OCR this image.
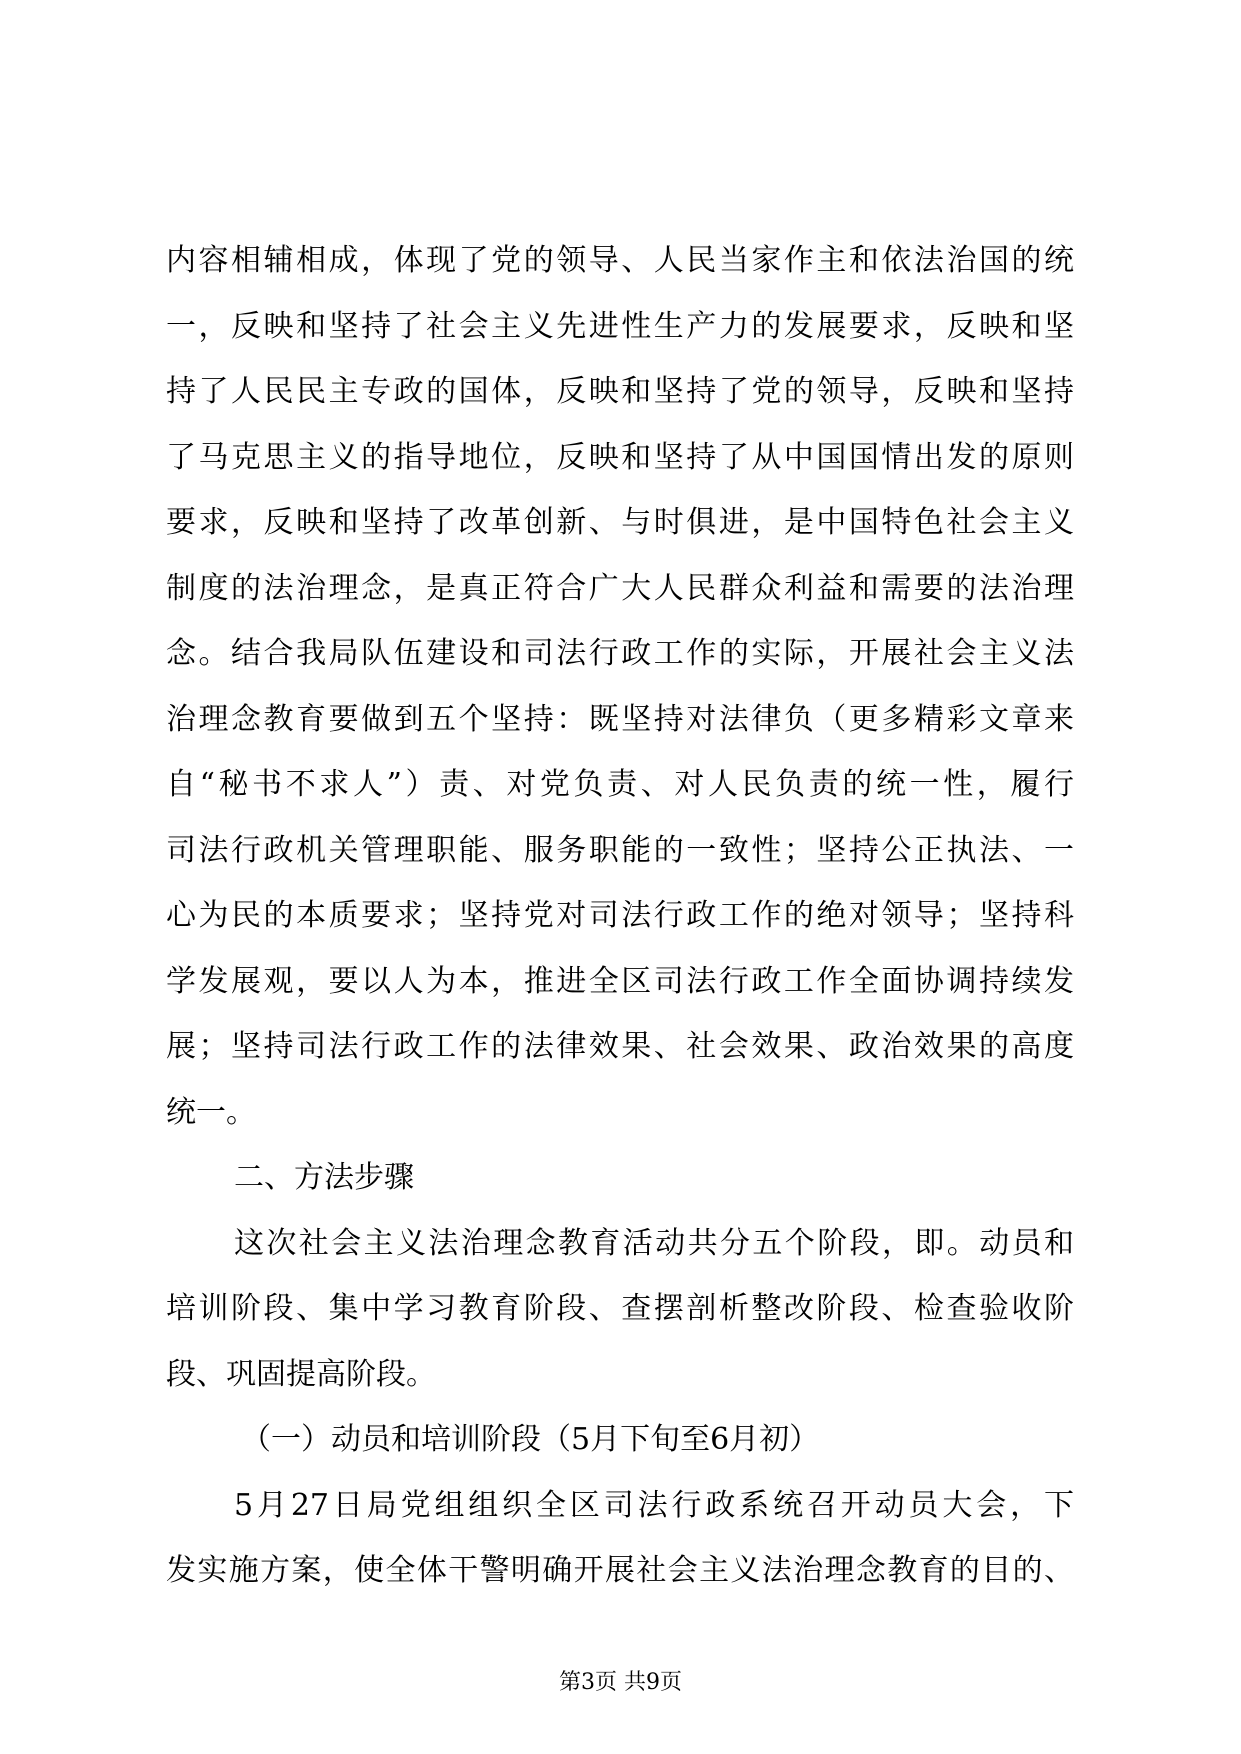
内容相辅相成，体现了党的领导、人民当家作主和依法治国的统
一，反映和坚持了社会主义先进性生产力的发展要求，反映和坚
持了人民民主专政的国体，反映和坚持了党的领导，反映和坚持
了马克思主义的指导地位，反映和坚持了从中国国情出发的原则
要求，反映和坚持了改革创新、与时俱进，是中国特色社会主义
制度的法治理念，是真正符合广大人民群众利益和需要的法治理
念。结合我局队伍建设和司法行政工作的实际，开展社会主义法
治理念教育要做到五个坚持：既坚持对法律负（更多精彩文章来
自“秘书不求人”）责、对党负责、对人民负责的统一性，履行
司法行政机关管理职能、服务职能的一致性；坚持公正执法、一
心为民的本质要求；坚持党对司法行政工作的绝对领导；坚持科
学发展观，要以人为本，推进全区司法行政工作全面协调持续发
展；坚持司法行政工作的法律效果、社会效果、政治效果的高度
统一。
二、方法步骤
这次社会主义法治理念教育活动共分五个阶段，即。动员和
培训阶段、集中学习教育阶段、查摆剖析整改阶段、检查验收阶
段、巩固提高阶段。
（一）动员和培训阶段（5月下旬至6月初）
5月27日局党组组织全区司法行政系统召开动员大会，下
发实施方案，使全体干警明确开展社会主义法治理念教育的目的、
第3页 共9页
